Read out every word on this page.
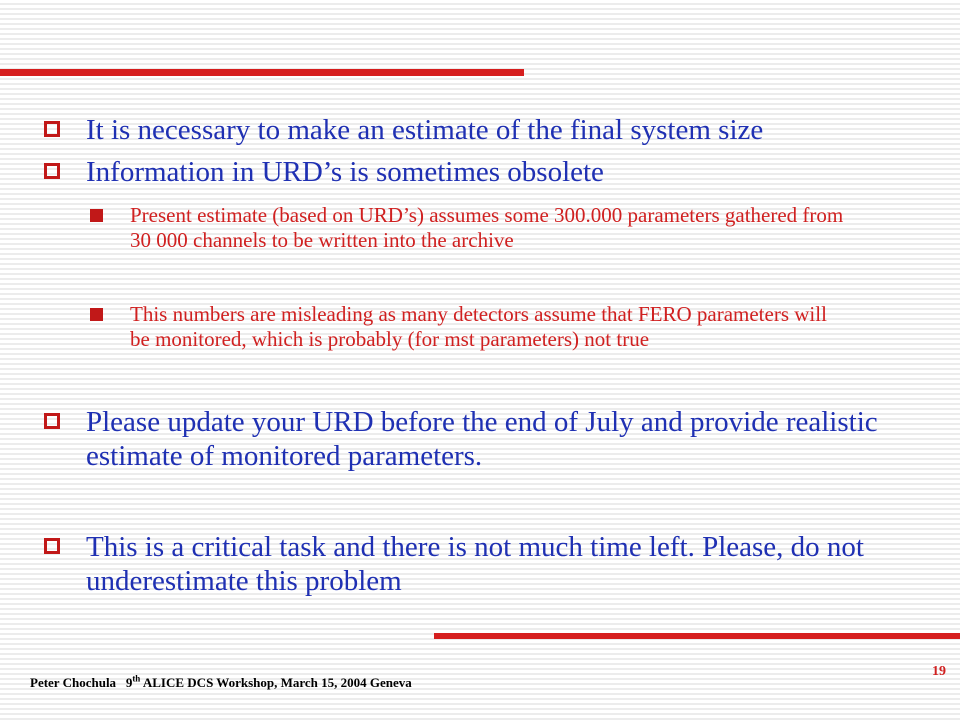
It is necessary to make an estimate of the final system size
Information in URD’s is sometimes obsolete
Present estimate (based on URD’s) assumes some 300.000 parameters gathered from 30 000 channels to be written into the archive
This numbers are misleading as many detectors assume that FERO parameters will be monitored, which is probably (for mst parameters) not true
Please update your URD before the end of July and provide realistic estimate of monitored parameters.
This is a critical task and there is not much time left. Please, do not underestimate this problem
Peter Chochula 9th ALICE DCS Workshop, March 15, 2004 Geneva
19
